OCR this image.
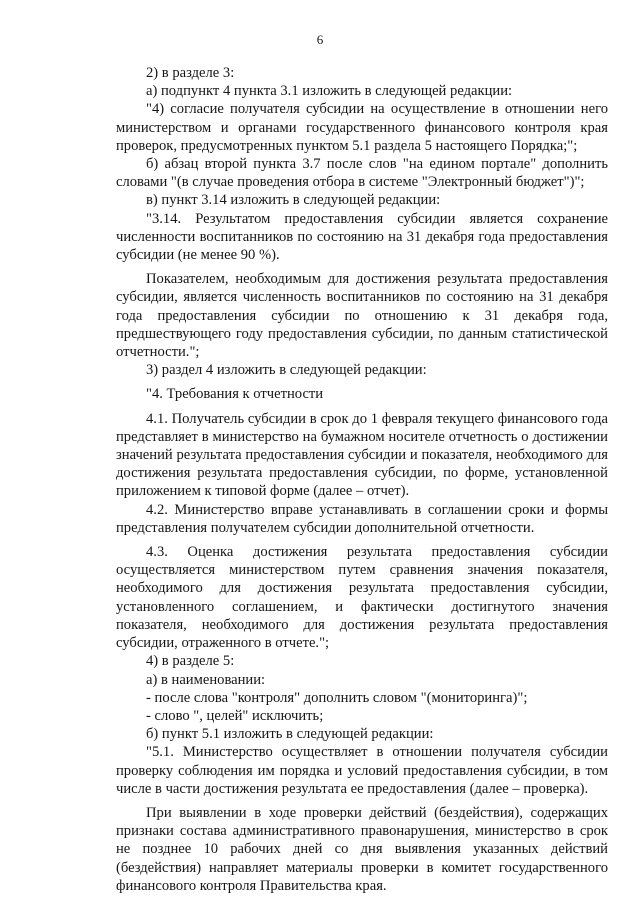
6

2) в разделе 3:

а) подпункт 4 пункта 3.1 изложить в следующей редакции:

"4) согласие получателя субсидии на осуществление в отношении него министерством и органами государственного финансового контроля края проверок, предусмотренных пунктом 5.1 раздела 5 настоящего Порядка;";

б) абзац второй пункта 3.7 после слов "на едином портале" дополнить словами "(в случае проведения отбора в системе "Электронный бюджет")";

в) пункт 3.14 изложить в следующей редакции:

"3.14. Результатом предоставления субсидии является сохранение численности воспитанников по состоянию на 31 декабря года предоставления субсидии (не менее 90 %).

Показателем, необходимым для достижения результата предоставления субсидии, является численность воспитанников по состоянию на 31 декабря года предоставления субсидии по отношению к 31 декабря года, предшествующего году предоставления субсидии, по данным статистической отчетности.";

3) раздел 4 изложить в следующей редакции:

"4. Требования к отчетности

4.1. Получатель субсидии в срок до 1 февраля текущего финансового года представляет в министерство на бумажном носителе отчетность о достижении значений результата предоставления субсидии и показателя, необходимого для достижения результата предоставления субсидии, по форме, установленной приложением к типовой форме (далее – отчет).

4.2. Министерство вправе устанавливать в соглашении сроки и формы представления получателем субсидии дополнительной отчетности.

4.3. Оценка достижения результата предоставления субсидии осуществляется министерством путем сравнения значения показателя, необходимого для достижения результата предоставления субсидии, установленного соглашением, и фактически достигнутого значения показателя, необходимого для достижения результата предоставления субсидии, отраженного в отчете.";

4) в разделе 5:

а) в наименовании:

- после слова "контроля" дополнить словом "(мониторинга)";

- слово ", целей" исключить;

б) пункт 5.1 изложить в следующей редакции:

"5.1. Министерство осуществляет в отношении получателя субсидии проверку соблюдения им порядка и условий предоставления субсидии, в том числе в части достижения результата ее предоставления (далее – проверка).

При выявлении в ходе проверки действий (бездействия), содержащих признаки состава административного правонарушения, министерство в срок не позднее 10 рабочих дней со дня выявления указанных действий (бездействия) направляет материалы проверки в комитет государственного финансового контроля Правительства края.
